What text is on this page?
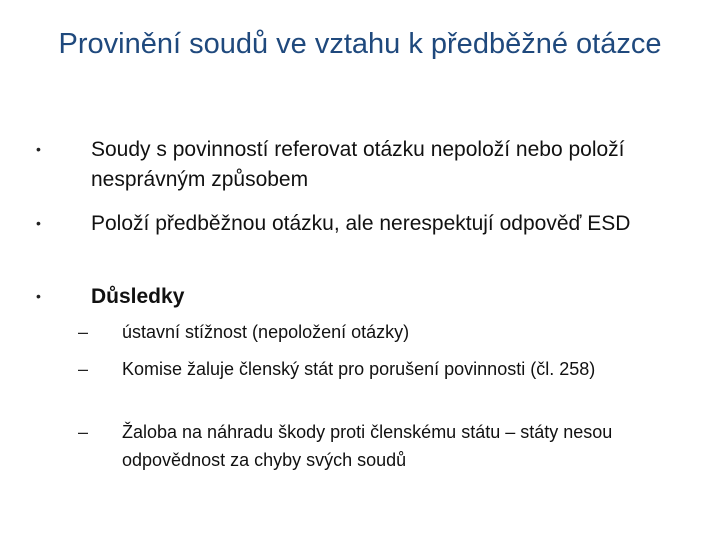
Provinění soudů ve vztahu k předběžné otázce
• Soudy s povinností referovat otázku nepoloží nebo položí nesprávným způsobem
• Položí předběžnou otázku, ale nerespektují odpověď ESD
• Důsledky
– ústavní stížnost (nepoložení otázky)
– Komise žaluje členský stát pro porušení povinnosti (čl. 258)
– Žaloba na náhradu škody proti členskému státu – státy nesou odpovědnost za chyby svých soudů
